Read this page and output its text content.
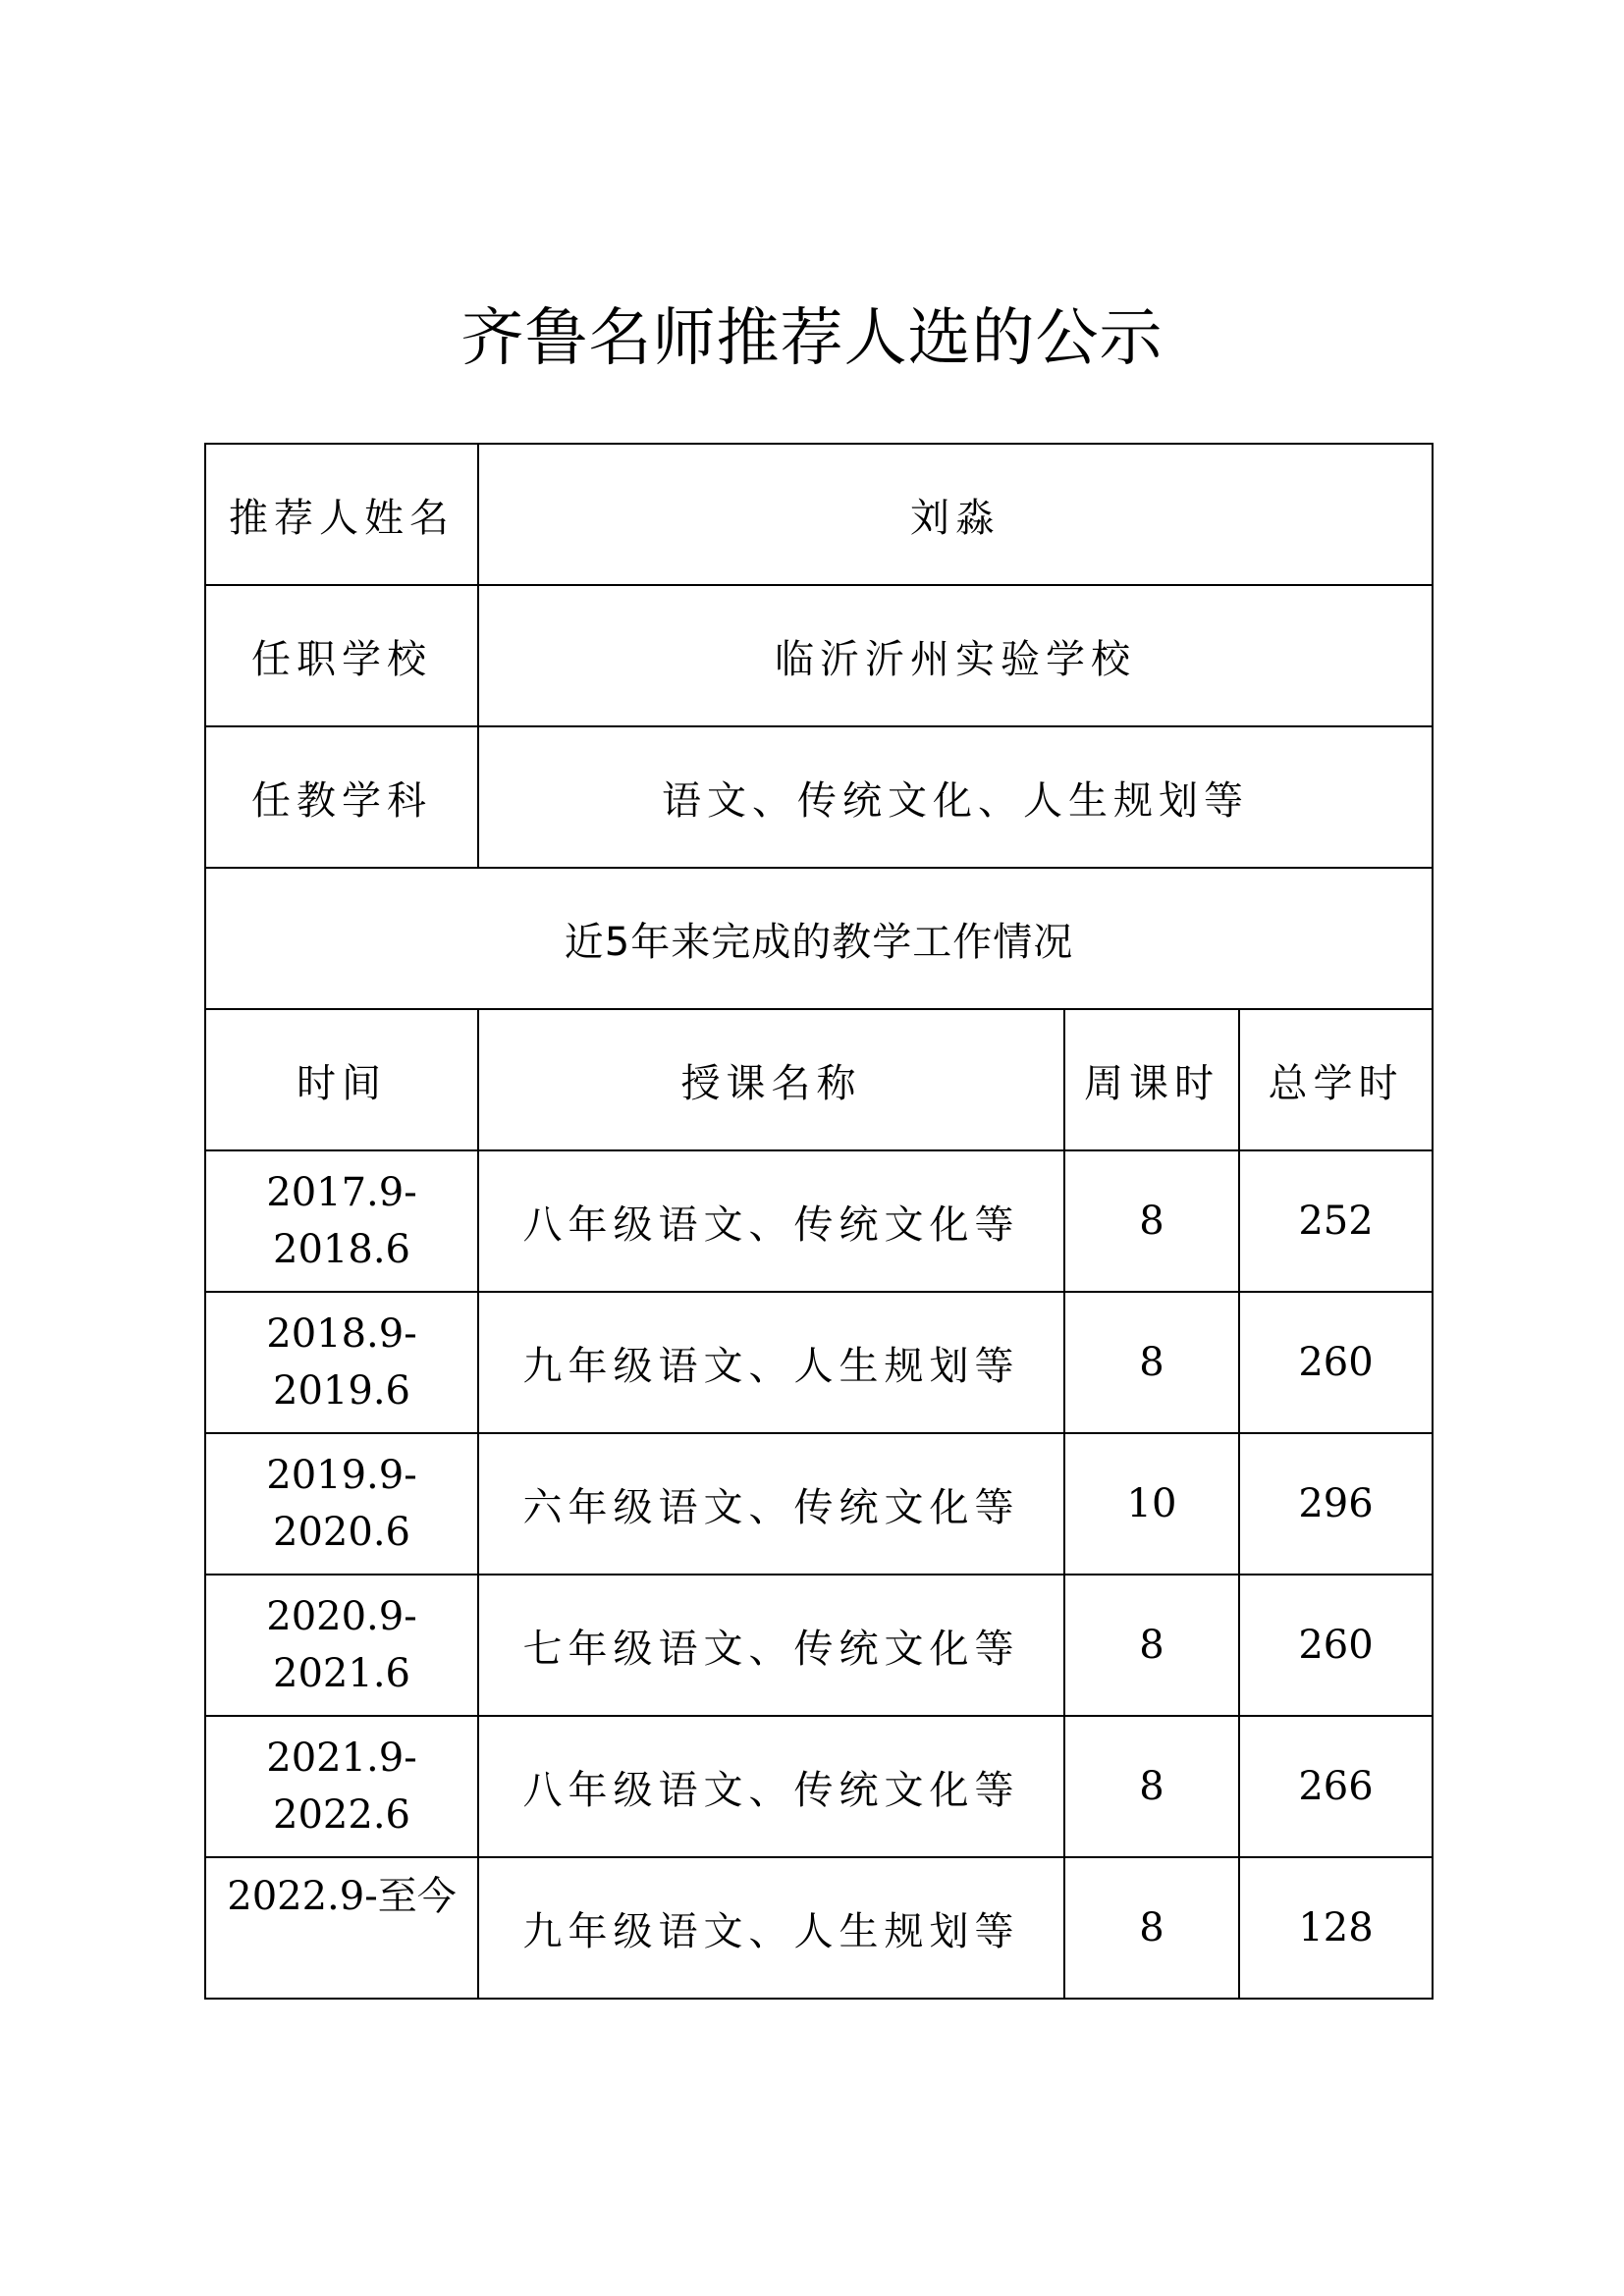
齐鲁名师推荐人选的公示
推荐人姓名	刘淼		
任职学校	临沂沂州实验学校		
任教学科	语文、传统文化、人生规划等		
近5年来完成的教学工作情况			
时间	授课名称	周课时	总学时

2017.9-
2018.6	八年级语文、传统文化等	8	252

2018.9-
2019.6	九年级语文、人生规划等	8	260

2019.9-
2020.6	六年级语文、传统文化等	10	296

2020.9-
2021.6	七年级语文、传统文化等	8	260

2021.9-
2022.6	八年级语文、传统文化等	8	266

2022.9-至今	九年级语文、人生规划等	8	128
